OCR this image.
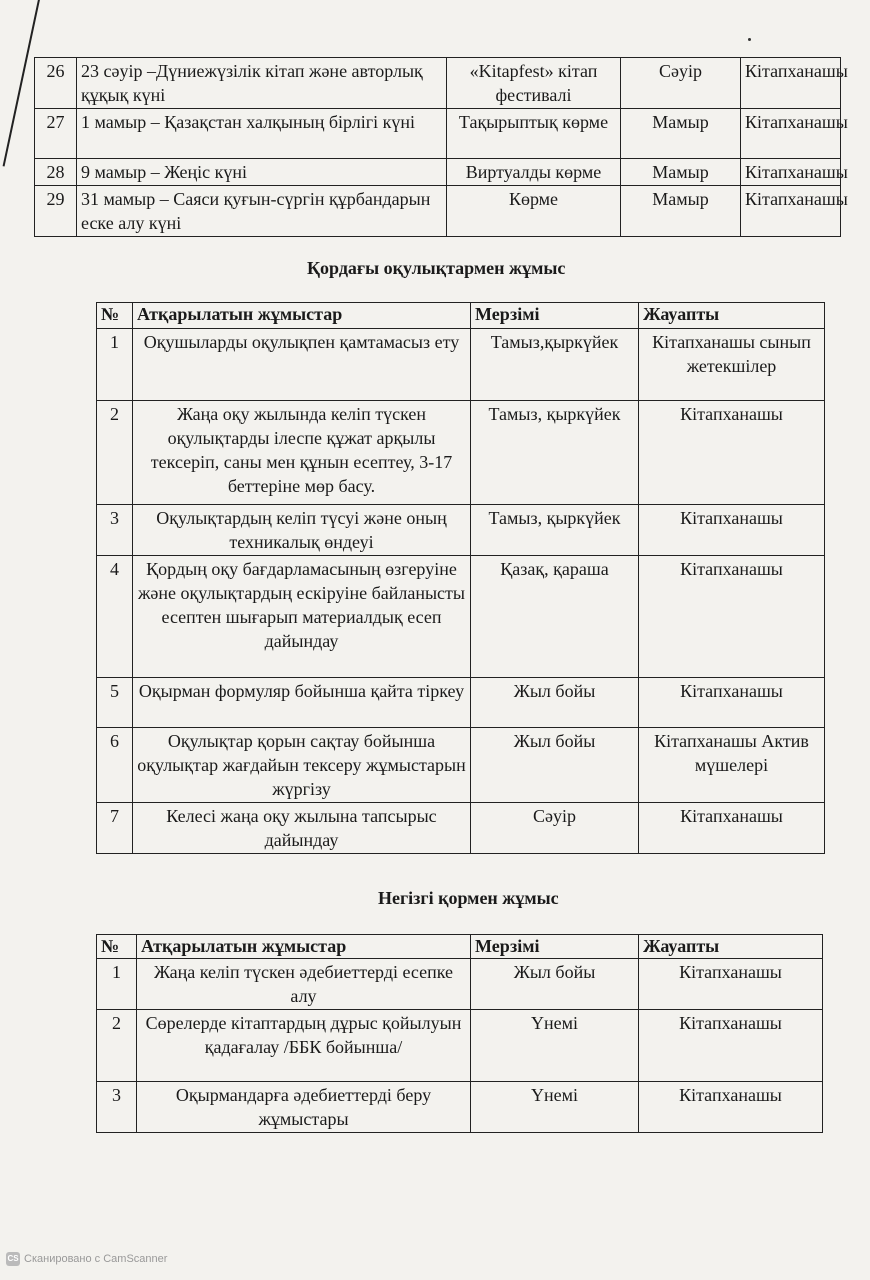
26	23 сәуір –Дүниежүзілік кітап және авторлық құқық күні	«Kitapfest» кітап фестивалі	Сәуір	Кітапханашы
27	1 мамыр – Қазақстан халқының бірлігі күні	Тақырыптық көрме	Мамыр	Кітапханашы
28	9 мамыр – Жеңіс күні	Виртуалды көрме	Мамыр	Кітапханашы
29	31 мамыр – Саяси қуғын-сүргін құрбандарын еске алу күні	Көрме	Мамыр	Кітапханашы
Қордағы оқулықтармен жұмыс
№	Атқарылатын жұмыстар	Мерзімі	Жауапты
1	Оқушыларды оқулықпен қамтамасыз ету	Тамыз,қыркүйек	Кітапханашы сынып жетекшілер
2	Жаңа оқу жылында келіп түскен оқулықтарды ілеспе құжат арқылы тексеріп, саны мен құнын есептеу, 3-17 беттеріне мөр басу.	Тамыз, қыркүйек	Кітапханашы
3	Оқулықтардың келіп түсуі және оның техникалық өндеуі	Тамыз, қыркүйек	Кітапханашы
4	Қордың оқу бағдарламасының өзгеруіне және оқулықтардың ескіруіне байланысты есептен шығарып материалдық есеп дайындау	Қазақ, қараша	Кітапханашы
5	Оқырман формуляр бойынша қайта тіркеу	Жыл бойы	Кітапханашы
6	Оқулықтар қорын сақтау бойынша оқулықтар жағдайын тексеру жұмыстарын жүргізу	Жыл бойы	Кітапханашы Актив мүшелері
7	Келесі жаңа оқу жылына тапсырыс дайындау	Сәуір	Кітапханашы
Негізгі қормен жұмыс
№	Атқарылатын жұмыстар	Мерзімі	Жауапты
1	Жаңа келіп түскен әдебиеттерді есепке алу	Жыл бойы	Кітапханашы
2	Сөрелерде кітаптардың дұрыс қойылуын қадағалау /ББК бойынша/	Үнемі	Кітапханашы
3	Оқырмандарға әдебиеттерді беру жұмыстары	Үнемі	Кітапханашы
CS Сканировано с CamScanner
